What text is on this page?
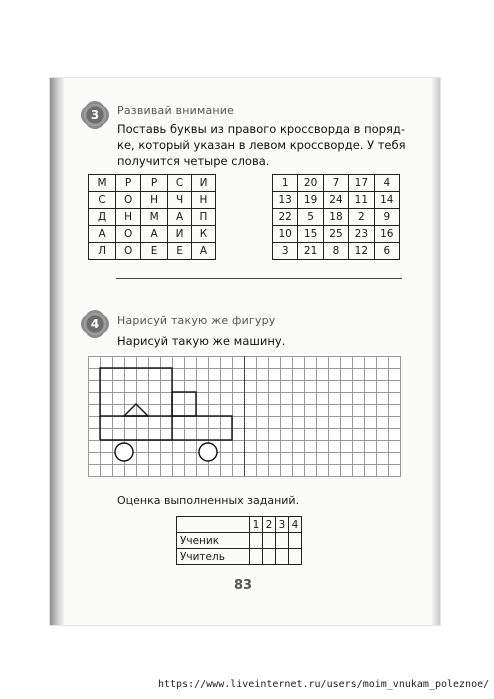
3 Развивай внимание
Поставь буквы из правого кроссворда в поряд-
ке, который указан в левом кроссворде. У тебя
получится четыре слова.
М	Р	Р	С	И
С	О	Н	Ч	Н
Д	Н	М	А	П
А	О	А	И	К
Л	О	Е	Е	А
1	20	7	17	4
13	19	24	11	14
22	5	18	2	9
10	15	25	23	16
3	21	8	12	6
4 Нарисуй такую же фигуру
Нарисуй такую же машину.
Оценка выполненных заданий.
	1	2	3	4
Ученик				
Учитель				
83
https://www.liveinternet.ru/users/moim_vnukam_poleznoe/
